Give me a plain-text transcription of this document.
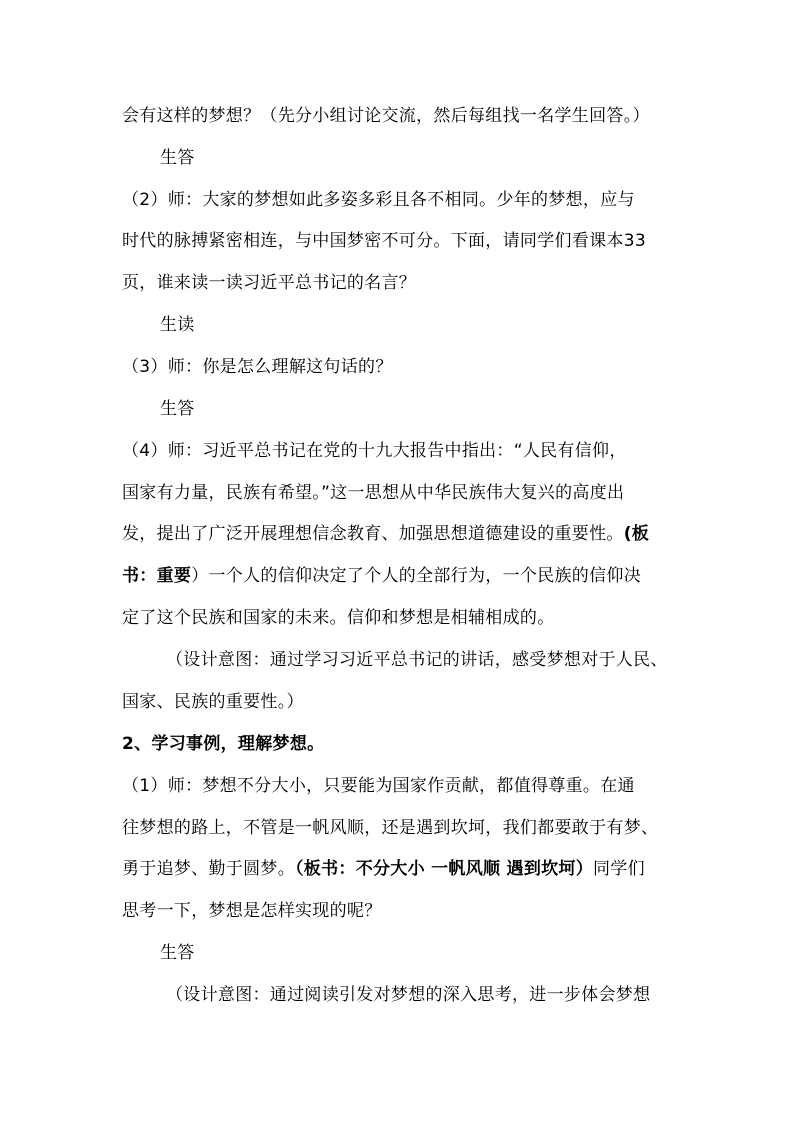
会有这样的梦想？（先分小组讨论交流，然后每组找一名学生回答。）
生答
（2）师：大家的梦想如此多姿多彩且各不相同。少年的梦想，应与
时代的脉搏紧密相连，与中国梦密不可分。下面，请同学们看课本33
页，谁来读一读习近平总书记的名言？
生读
（3）师：你是怎么理解这句话的？
生答
（4）师：习近平总书记在党的十九大报告中指出：“人民有信仰，
国家有力量，民族有希望。”这一思想从中华民族伟大复兴的高度出
发，提出了广泛开展理想信念教育、加强思想道德建设的重要性。(板
书：重要）一个人的信仰决定了个人的全部行为，一个民族的信仰决
定了这个民族和国家的未来。信仰和梦想是相辅相成的。
（设计意图：通过学习习近平总书记的讲话，感受梦想对于人民、
国家、民族的重要性。）
2、学习事例，理解梦想。
（1）师：梦想不分大小，只要能为国家作贡献，都值得尊重。在通
往梦想的路上，不管是一帆风顺，还是遇到坎坷，我们都要敢于有梦、
勇于追梦、勤于圆梦。（板书：不分大小 一帆风顺 遇到坎坷）同学们
思考一下，梦想是怎样实现的呢？
生答
（设计意图：通过阅读引发对梦想的深入思考，进一步体会梦想
